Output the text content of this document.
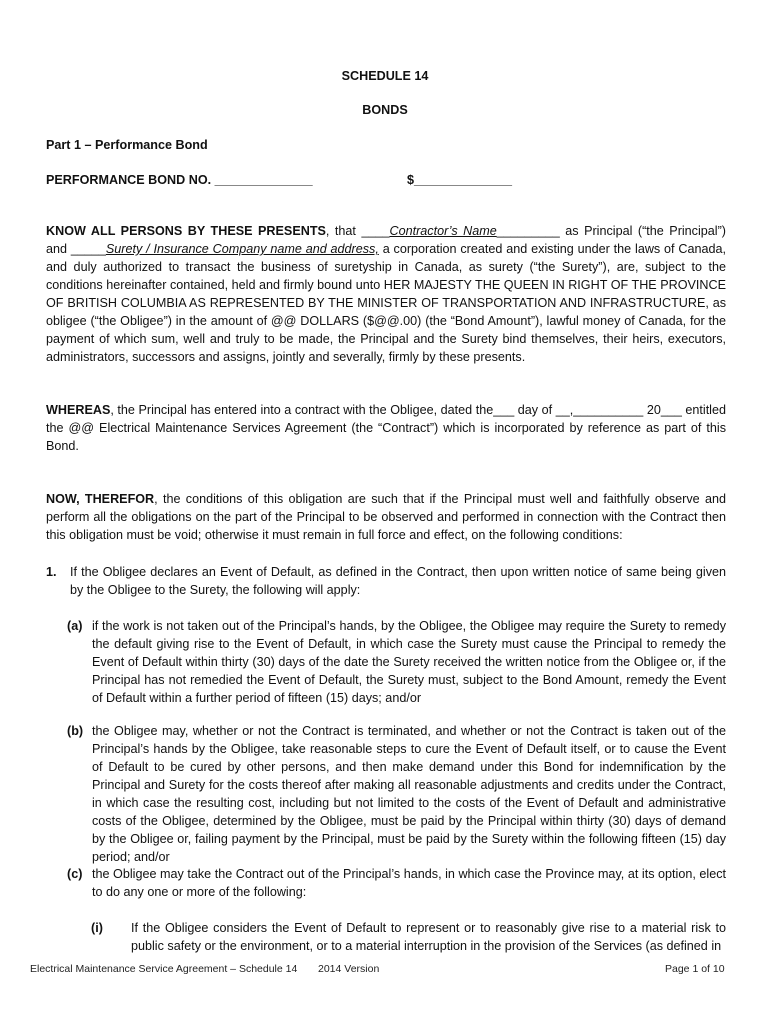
SCHEDULE 14
BONDS
Part 1 – Performance Bond
PERFORMANCE BOND NO. ______________	$______________

KNOW ALL PERSONS BY THESE PRESENTS, that ____Contractor’s Name_________ as Principal (“the Principal”) and _____Surety / Insurance Company name and address, a corporation created and existing under the laws of Canada, and duly authorized to transact the business of suretyship in Canada, as surety (“the Surety”), are, subject to the conditions hereinafter contained, held and firmly bound unto HER MAJESTY THE QUEEN IN RIGHT OF THE PROVINCE OF BRITISH COLUMBIA AS REPRESENTED BY THE MINISTER OF TRANSPORTATION AND INFRASTRUCTURE, as obligee (“the Obligee”) in the amount of @@ DOLLARS ($@@.00) (the “Bond Amount”), lawful money of Canada, for the payment of which sum, well and truly to be made, the Principal and the Surety bind themselves, their heirs, executors, administrators, successors and assigns, jointly and severally, firmly by these presents.

WHEREAS, the Principal has entered into a contract with the Obligee, dated the___ day of __,__________ 20___ entitled the @@ Electrical Maintenance Services Agreement (the “Contract”) which is incorporated by reference as part of this Bond.

NOW, THEREFOR, the conditions of this obligation are such that if the Principal must well and faithfully observe and perform all the obligations on the part of the Principal to be observed and performed in connection with the Contract then this obligation must be void; otherwise it must remain in full force and effect, on the following conditions:

1. If the Obligee declares an Event of Default, as defined in the Contract, then upon written notice of same being given by the Obligee to the Surety, the following will apply:
(a) if the work is not taken out of the Principal’s hands, by the Obligee, the Obligee may require the Surety to remedy the default giving rise to the Event of Default, in which case the Surety must cause the Principal to remedy the Event of Default within thirty (30) days of the date the Surety received the written notice from the Obligee or, if the Principal has not remedied the Event of Default, the Surety must, subject to the Bond Amount, remedy the Event of Default within a further period of fifteen (15) days; and/or
(b) the Obligee may, whether or not the Contract is terminated, and whether or not the Contract is taken out of the Principal’s hands by the Obligee, take reasonable steps to cure the Event of Default itself, or to cause the Event of Default to be cured by other persons, and then make demand under this Bond for indemnification by the Principal and Surety for the costs thereof after making all reasonable adjustments and credits under the Contract, in which case the resulting cost, including but not limited to the costs of the Event of Default and administrative costs of the Obligee, determined by the Obligee, must be paid by the Principal within thirty (30) days of demand by the Obligee or, failing payment by the Principal, must be paid by the Surety within the following fifteen (15) day period; and/or
(c) the Obligee may take the Contract out of the Principal’s hands, in which case the Province may, at its option, elect to do any one or more of the following:
(i) If the Obligee considers the Event of Default to represent or to reasonably give rise to a material risk to public safety or the environment, or to a material interruption in the provision of the Services (as defined in
Electrical Maintenance Service Agreement – Schedule 14 2014 Version	Page 1 of 10
